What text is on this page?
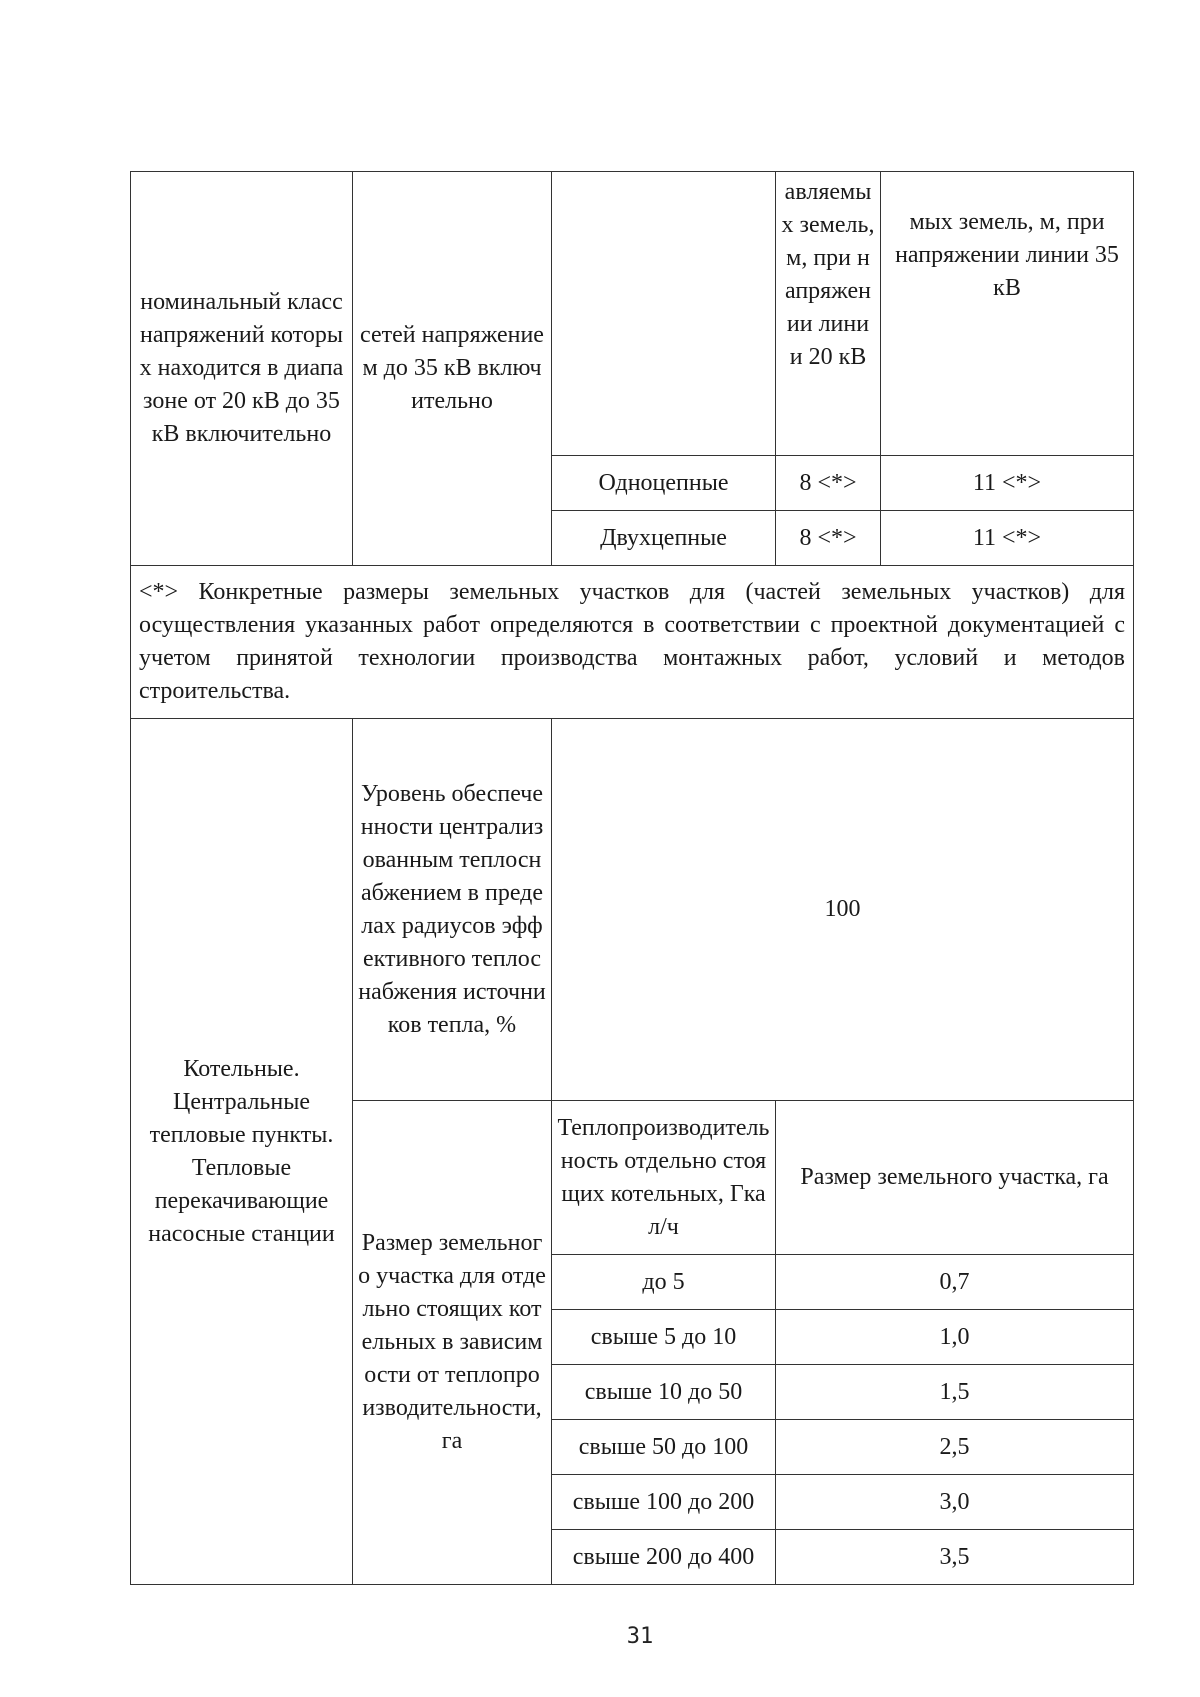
номинальный класс напряжений которых находится в диапазоне от 20 кВ до 35 кВ включительно	сетей напряжением до 35 кВ включительно		авляемых земель, м, при напряжении линии 20 кВ	мых земель, м, при напряжении линии 35 кВ
		Одноцепные	8 <*>	11 <*>
		Двухцепные	8 <*>	11 <*>
<*> Конкретные размеры земельных участков для (частей земельных участков) для осуществления указанных работ определяются в соответствии с проектной документацией с учетом принятой технологии производства монтажных работ, условий и методов строительства.				
Котельные. Центральные тепловые пункты. Тепловые перекачивающие насосные станции	Уровень обеспеченности централизованным теплоснабжением в пределах радиусов эффективного теплоснабжения источников тепла, %	100		
	Размер земельного участка для отдельно стоящих котельных в зависимости от теплопроизводительности, га	Теплопроизводительность отдельно стоящих котельных, Гкал/ч	Размер земельного участка, га	
		до 5	0,7	
		свыше 5 до 10	1,0	
		свыше 10 до 50	1,5	
		свыше 50 до 100	2,5	
		свыше 100 до 200	3,0	
		свыше 200 до 400	3,5	
31
